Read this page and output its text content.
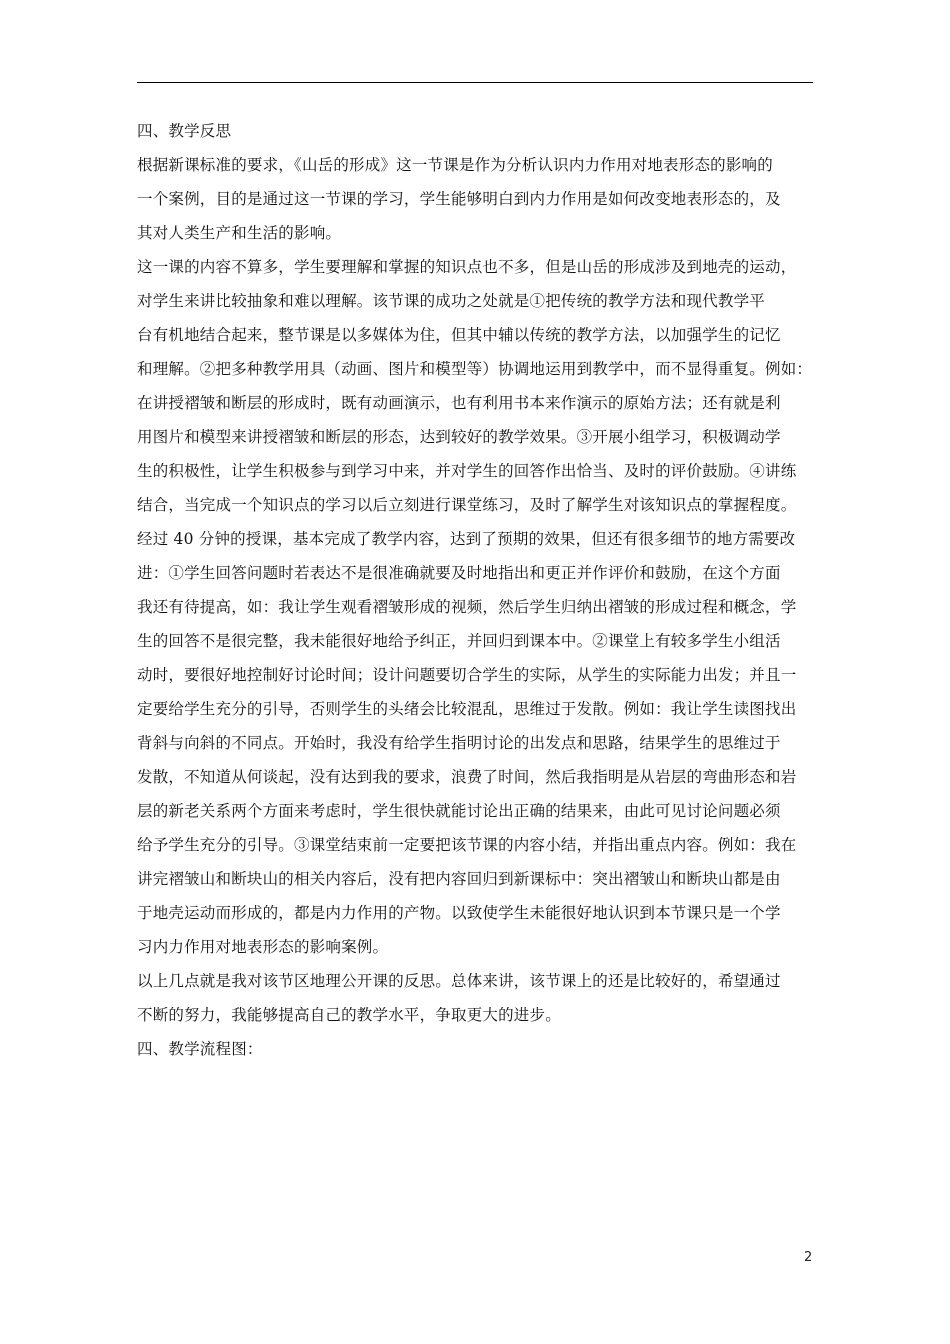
四、教学反思
根据新课标准的要求，《山岳的形成》这一节课是作为分析认识内力作用对地表形态的影响的
一个案例，目的是通过这一节课的学习，学生能够明白到内力作用是如何改变地表形态的，及
其对人类生产和生活的影响。
这一课的内容不算多，学生要理解和掌握的知识点也不多，但是山岳的形成涉及到地壳的运动，
对学生来讲比较抽象和难以理解。该节课的成功之处就是①把传统的教学方法和现代教学平
台有机地结合起来，整节课是以多媒体为住，但其中辅以传统的教学方法，以加强学生的记忆
和理解。②把多种教学用具（动画、图片和模型等）协调地运用到教学中，而不显得重复。例如：
在讲授褶皱和断层的形成时，既有动画演示，也有利用书本来作演示的原始方法；还有就是利
用图片和模型来讲授褶皱和断层的形态，达到较好的教学效果。③开展小组学习，积极调动学
生的积极性，让学生积极参与到学习中来，并对学生的回答作出恰当、及时的评价鼓励。④讲练
结合，当完成一个知识点的学习以后立刻进行课堂练习，及时了解学生对该知识点的掌握程度。
经过 40 分钟的授课，基本完成了教学内容，达到了预期的效果，但还有很多细节的地方需要改
进：①学生回答问题时若表达不是很准确就要及时地指出和更正并作评价和鼓励，在这个方面
我还有待提高，如：我让学生观看褶皱形成的视频，然后学生归纳出褶皱的形成过程和概念，学
生的回答不是很完整，我未能很好地给予纠正，并回归到课本中。②课堂上有较多学生小组活
动时，要很好地控制好讨论时间；设计问题要切合学生的实际，从学生的实际能力出发；并且一
定要给学生充分的引导，否则学生的头绪会比较混乱，思维过于发散。例如：我让学生读图找出
背斜与向斜的不同点。开始时，我没有给学生指明讨论的出发点和思路，结果学生的思维过于
发散，不知道从何谈起，没有达到我的要求，浪费了时间，然后我指明是从岩层的弯曲形态和岩
层的新老关系两个方面来考虑时，学生很快就能讨论出正确的结果来，由此可见讨论问题必须
给予学生充分的引导。③课堂结束前一定要把该节课的内容小结，并指出重点内容。例如：我在
讲完褶皱山和断块山的相关内容后，没有把内容回归到新课标中：突出褶皱山和断块山都是由
于地壳运动而形成的，都是内力作用的产物。以致使学生未能很好地认识到本节课只是一个学
习内力作用对地表形态的影响案例。
以上几点就是我对该节区地理公开课的反思。总体来讲，该节课上的还是比较好的，希望通过
不断的努力，我能够提高自己的教学水平，争取更大的进步。
四、教学流程图：
2
